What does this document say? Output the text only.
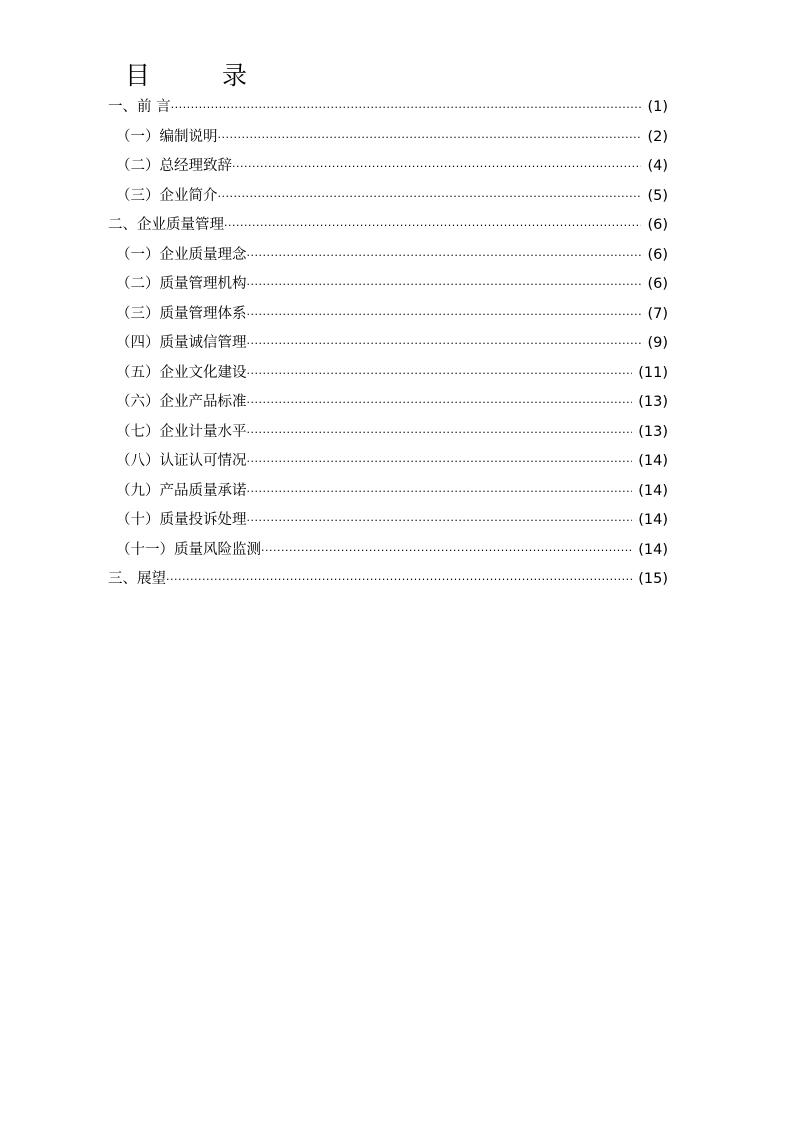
目 录
一、前 言 ·····	(1)
（一）编制说明 ·····	(2)
（二）总经理致辞 ·····	(4)
（三）企业简介 ·····	(5)
二、企业质量管理 ·····	(6)
（一）企业质量理念 ·····	(6)
（二）质量管理机构 ·····	(6)
（三）质量管理体系 ·····	(7)
（四）质量诚信管理 ·····	(9)
（五）企业文化建设 ·····	(11)
（六）企业产品标准 ·····	(13)
（七）企业计量水平 ·····	(13)
（八）认证认可情况 ·····	(14)
（九）产品质量承诺 ·····	(14)
（十）质量投诉处理 ·····	(14)
（十一）质量风险监测 ·····	(14)
三、展望 ·····	(15)
